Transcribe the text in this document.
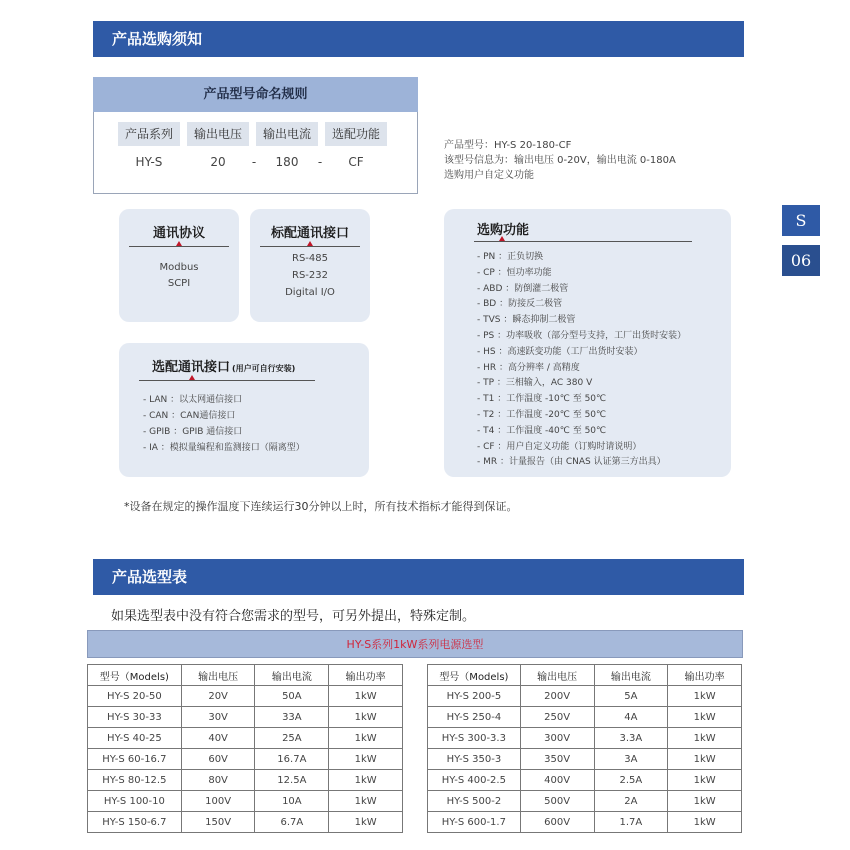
产品选购须知
产品型号命名规则
产品系列	输出电压	输出电流	选配功能
HY-S	20	-	180	-	CF
产品型号：HY-S 20-180-CF
该型号信息为：输出电压 0-20V，输出电流 0-180A
选购用户自定义功能
通讯协议
Modbus
SCPI
标配通讯接口
RS-485
RS-232
Digital I/O
选配通讯接口 (用户可自行安装)
- LAN ：以太网通信接口
- CAN ：CAN通信接口
- GPIB ：GPIB 通信接口
- IA ：模拟量编程和监测接口（隔离型）
选购功能
- PN ：正负切换
- CP ：恒功率功能
- ABD ：防倒灌二极管
- BD ：防接反二极管
- TVS ：瞬态抑制二极管
- PS ：功率吸收（部分型号支持，工厂出货时安装）
- HS ：高速跃变功能（工厂出货时安装）
- HR ：高分辨率 / 高精度
- TP ：三相输入，AC 380 V
- T1 ：工作温度 -10℃ 至 50℃
- T2 ：工作温度 -20℃ 至 50℃
- T4 ：工作温度 -40℃ 至 50℃
- CF ：用户自定义功能（订购时请说明）
- MR ：计量报告（由 CNAS 认证第三方出具）
S
06
*设备在规定的操作温度下连续运行30分钟以上时，所有技术指标才能得到保证。
产品选型表
如果选型表中没有符合您需求的型号，可另外提出，特殊定制。
HY-S系列1kW系列电源选型
型号（Models)	输出电压	输出电流	输出功率
HY-S 20-50	20V	50A	1kW
HY-S 30-33	30V	33A	1kW
HY-S 40-25	40V	25A	1kW
HY-S 60-16.7	60V	16.7A	1kW
HY-S 80-12.5	80V	12.5A	1kW
HY-S 100-10	100V	10A	1kW
HY-S 150-6.7	150V	6.7A	1kW
型号（Models)	输出电压	输出电流	输出功率
HY-S 200-5	200V	5A	1kW
HY-S 250-4	250V	4A	1kW
HY-S 300-3.3	300V	3.3A	1kW
HY-S 350-3	350V	3A	1kW
HY-S 400-2.5	400V	2.5A	1kW
HY-S 500-2	500V	2A	1kW
HY-S 600-1.7	600V	1.7A	1kW
